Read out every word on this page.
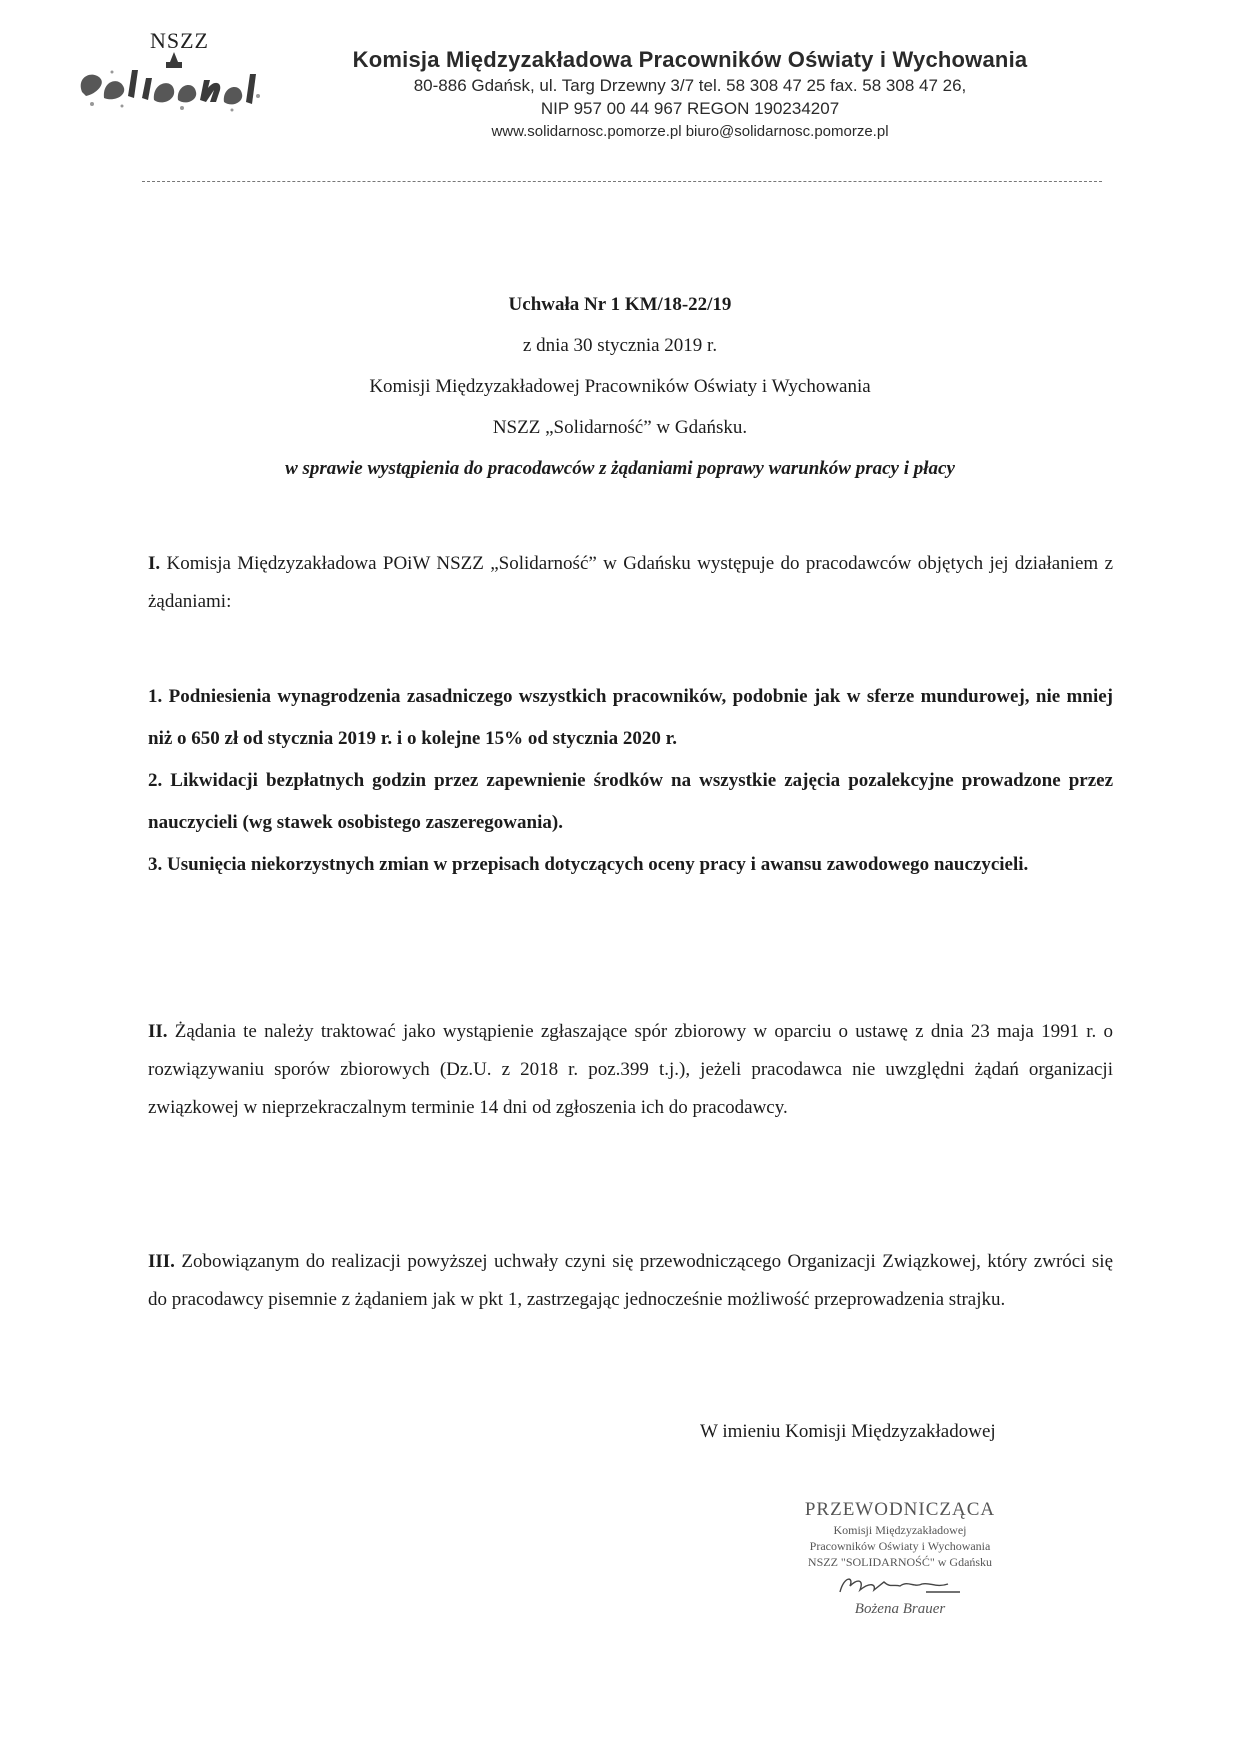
NSZZ
Komisja Międzyzakładowa Pracowników Oświaty i Wychowania
80-886 Gdańsk, ul. Targ Drzewny 3/7 tel. 58 308 47 25 fax. 58 308 47 26,
NIP 957 00 44 967 REGON 190234207
www.solidarnosc.pomorze.pl biuro@solidarnosc.pomorze.pl
Uchwała Nr 1 KM/18-22/19
z dnia 30 stycznia 2019 r.
Komisji Międzyzakładowej Pracowników Oświaty i Wychowania
NSZZ „Solidarność” w Gdańsku.
w sprawie wystąpienia do pracodawców z żądaniami poprawy warunków pracy i płacy
I. Komisja Międzyzakładowa POiW NSZZ „Solidarność” w Gdańsku występuje do pracodawców objętych jej działaniem z żądaniami:

1. Podniesienia wynagrodzenia zasadniczego wszystkich pracowników, podobnie jak w sferze mundurowej, nie mniej niż o 650 zł od stycznia 2019 r. i o kolejne 15% od stycznia 2020 r.

2. Likwidacji bezpłatnych godzin przez zapewnienie środków na wszystkie zajęcia pozalekcyjne prowadzone przez nauczycieli (wg stawek osobistego zaszeregowania).

3. Usunięcia niekorzystnych zmian w przepisach dotyczących oceny pracy i awansu zawodowego nauczycieli.

II. Żądania te należy traktować jako wystąpienie zgłaszające spór zbiorowy w oparciu o ustawę z dnia 23 maja 1991 r. o rozwiązywaniu sporów zbiorowych (Dz.U. z 2018 r. poz.399 t.j.), jeżeli pracodawca nie uwzględni żądań organizacji związkowej w nieprzekraczalnym terminie 14 dni od zgłoszenia ich do pracodawcy.
III. Zobowiązanym do realizacji powyższej uchwały czyni się przewodniczącego Organizacji Związkowej, który zwróci się do pracodawcy pisemnie z żądaniem jak w pkt 1, zastrzegając jednocześnie możliwość przeprowadzenia strajku.
W imieniu Komisji Międzyzakładowej
PRZEWODNICZĄCA
Komisji Międzyzakładowej
Pracowników Oświaty i Wychowania
NSZZ "SOLIDARNOŚĆ" w Gdańsku
Bożena Brauer
